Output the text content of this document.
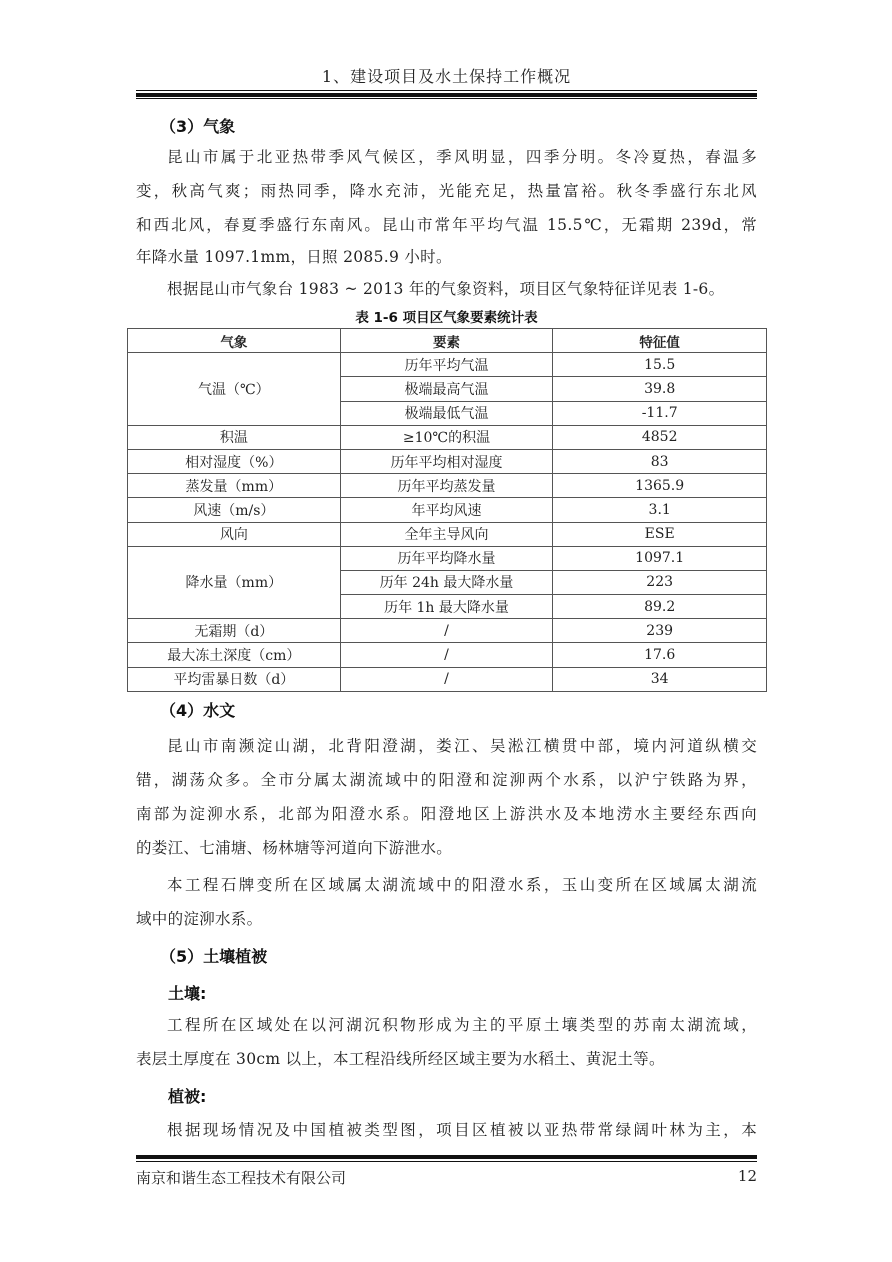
1、建设项目及水土保持工作概况
（3）气象
昆山市属于北亚热带季风气候区，季风明显，四季分明。冬冷夏热，春温多
变，秋高气爽；雨热同季，降水充沛，光能充足，热量富裕。秋冬季盛行东北风
和西北风，春夏季盛行东南风。昆山市常年平均气温 15.5℃，无霜期 239d，常
年降水量 1097.1mm，日照 2085.9 小时。
根据昆山市气象台 1983 ~ 2013 年的气象资料，项目区气象特征详见表 1-6。
表 1-6 项目区气象要素统计表
气象	要素	特征值
气温（℃）	历年平均气温	15.5
	极端最高气温	39.8
	极端最低气温	-11.7
积温	≥10℃的积温	4852
相对湿度（%）	历年平均相对湿度	83
蒸发量（mm）	历年平均蒸发量	1365.9
风速（m/s）	年平均风速	3.1
风向	全年主导风向	ESE
降水量（mm）	历年平均降水量	1097.1
	历年 24h 最大降水量	223
	历年 1h 最大降水量	89.2
无霜期（d）	/	239
最大冻土深度（cm）	/	17.6
平均雷暴日数（d）	/	34
（4）水文
昆山市南濒淀山湖，北背阳澄湖，娄江、吴淞江横贯中部，境内河道纵横交
错，湖荡众多。全市分属太湖流域中的阳澄和淀泖两个水系，以沪宁铁路为界，
南部为淀泖水系，北部为阳澄水系。阳澄地区上游洪水及本地涝水主要经东西向
的娄江、七浦塘、杨林塘等河道向下游泄水。
本工程石牌变所在区域属太湖流域中的阳澄水系，玉山变所在区域属太湖流
域中的淀泖水系。
（5）土壤植被
土壤:
工程所在区域处在以河湖沉积物形成为主的平原土壤类型的苏南太湖流域，
表层土厚度在 30cm 以上，本工程沿线所经区域主要为水稻土、黄泥土等。
植被:
根据现场情况及中国植被类型图，项目区植被以亚热带常绿阔叶林为主，本
南京和谐生态工程技术有限公司	12
